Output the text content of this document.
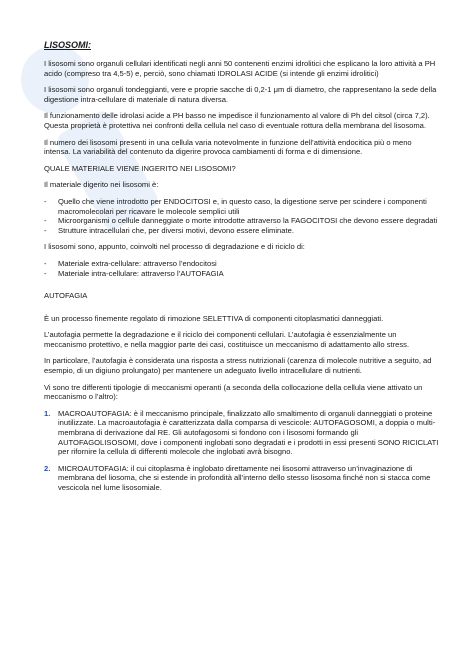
LISOSOMI:

I lisosomi sono organuli cellulari identificati negli anni 50 contenenti enzimi idrolitici che esplicano la loro attività a PH acido (compreso tra 4,5-5) e, perciò, sono chiamati IDROLASI ACIDE (si intende gli enzimi idrolitici)

I lisosomi sono organuli tondeggianti, vere e proprie sacche di 0,2-1 μm di diametro, che rappresentano la sede della digestione intra-cellulare di materiale di natura diversa.

Il funzionamento delle idrolasi acide a PH basso ne impedisce il funzionamento al valore di Ph del citsol (circa 7,2). Questa proprietà è protettiva nei confronti della cellula nel caso di eventuale rottura della membrana del lisosoma.

Il numero dei lisosomi presenti in una cellula varia notevolmente in funzione dell’attività endocitica più o meno intensa. La variabilità del contenuto da digerire provoca cambiamenti di forma e di dimensione.

QUALE MATERIALE VIENE INGERITO NEI LISOSOMI?

Il materiale digerito nei lisosomi è:

- Quello che viene introdotto per ENDOCITOSI e, in questo caso, la digestione serve per scindere i componenti macromolecolari per ricavare le molecole semplici utili
- Microorganismi o cellule danneggiate o morte introdotte attraverso la FAGOCITOSI che devono essere degradati
- Strutture intracellulari che, per diversi motivi, devono essere eliminate.

I lisosomi sono, appunto, coinvolti nel processo di degradazione e di riciclo di:

- Materiale extra-cellulare: attraverso l’endocitosi
- Materiale intra-cellulare: attraverso l’AUTOFAGIA
AUTOFAGIA

È un processo finemente regolato di rimozione SELETTIVA di componenti citoplasmatici danneggiati.

L’autofagia permette la degradazione e il riciclo dei componenti cellulari. L’autofagia è essenzialmente un meccanismo protettivo, e nella maggior parte dei casi, costituisce un meccanismo di adattamento allo stress.

In particolare, l’autofagia è considerata una risposta a stress nutrizionali (carenza di molecole nutritive a seguito, ad esempio, di un digiuno prolungato) per mantenere un adeguato livello intracellulare di nutrienti.

Vi sono tre differenti tipologie di meccanismi operanti (a seconda della collocazione della cellula viene attivato un meccanismo o l’altro):

1. MACROAUTOFAGIA: è il meccanismo principale, finalizzato allo smaltimento di organuli danneggiati o proteine inutilizzate. La macroautofagia è caratterizzata dalla comparsa di vescicole: AUTOFAGOSOMI, a doppia o multi-membrana di derivazione dal RE. Gli autofagosomi si fondono con i lisosomi formando gli AUTOFAGOLISOSOMI, dove i componenti inglobati sono degradati e i prodotti in essi presenti SONO RICICLATI per rifornire la cellula di differenti molecole che inglobati avrà bisogno.
2. MICROAUTOFAGIA: il cui citoplasma è inglobato direttamente nei lisosomi attraverso un’invaginazione di membrana del liosoma, che si estende in profondità all’interno dello stesso lisosoma finché non si stacca come vescicola nel lume lisosomiale.
